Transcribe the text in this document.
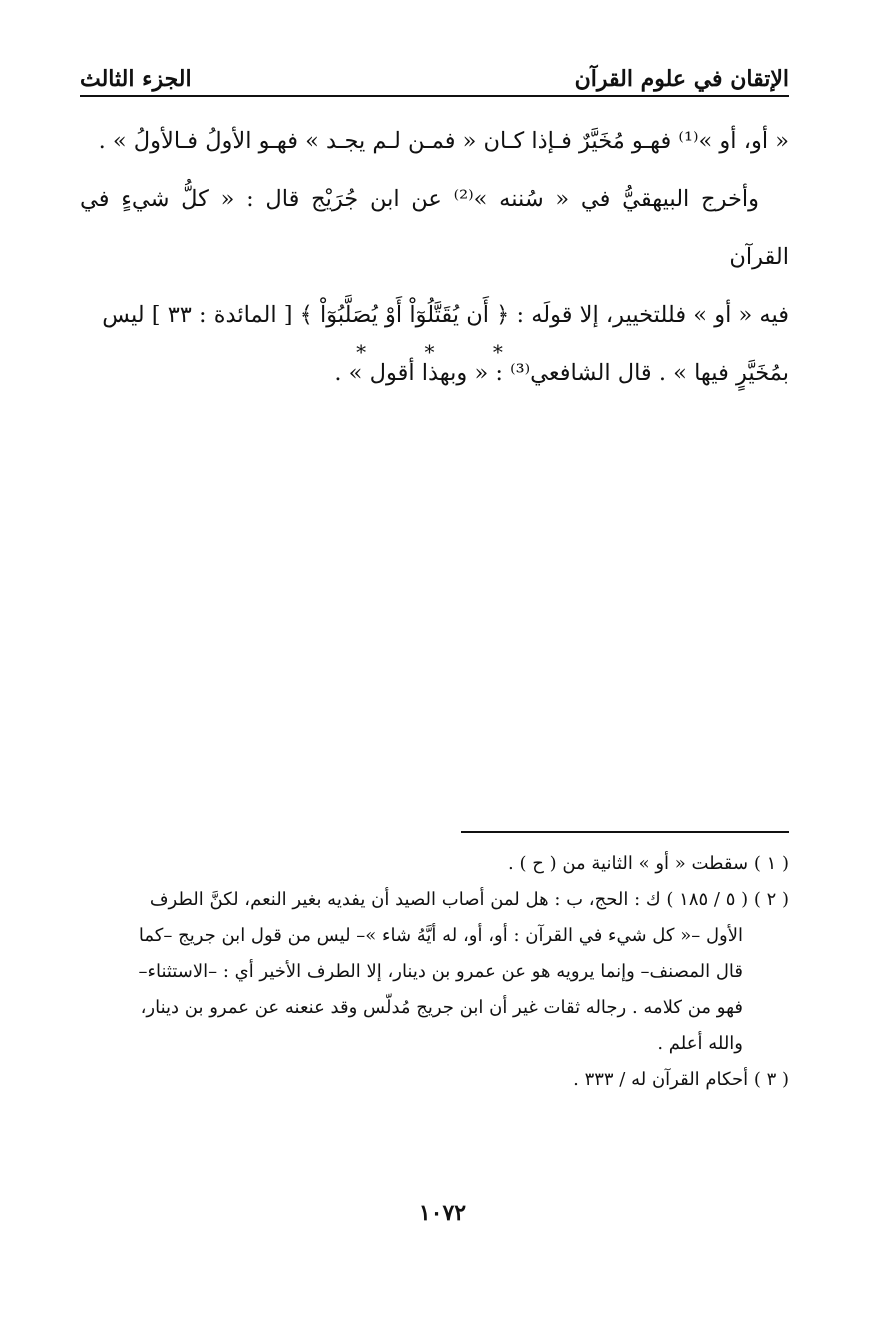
الإتقان في علوم القرآن
الجزء الثالث

« أو، أو »⁽¹⁾ فهـو مُخَيَّرٌ فـإذا كـان « فمـن لـم يجـد » فهـو الأولُ فـالأولُ » .

وأخرج البيهقيُّ في « سُننه »⁽²⁾ عن ابن جُرَيْج قال : « كلُّ شيءٍ في القرآن

فيه « أو » فللتخيير، إلا قولَه : ﴿ أَن يُقَتَّلُوٓاْ أَوْ يُصَلَّبُوٓاْ ﴾ [ المائدة : ٣٣ ] ليس

بمُخَيَّرٍ فيها » . قال الشافعي⁽³⁾ : « وبهذا أقول » .

* * *

( ١ ) سقطت « أو » الثانية من ( ح ) .

( ٢ ) ( ٥ / ١٨٥ ) ك : الحج، ب : هل لمن أصاب الصيد أن يفديه بغير النعم، لكنَّ الطرف

الأول –« كل شيء في القرآن : أو، أو، له أيَّهُ شاء »– ليس من قول ابن جريج –كما

قال المصنف– وإنما يرويه هو عن عمرو بن دينار، إلا الطرف الأخير أي : –الاستثناء–

فهو من كلامه . رجاله ثقات غير أن ابن جريج مُدلّس وقد عنعنه عن عمرو بن دينار،

والله أعلم .

( ٣ ) أحكام القرآن له / ٣٣٣ .

١٠٧٢
